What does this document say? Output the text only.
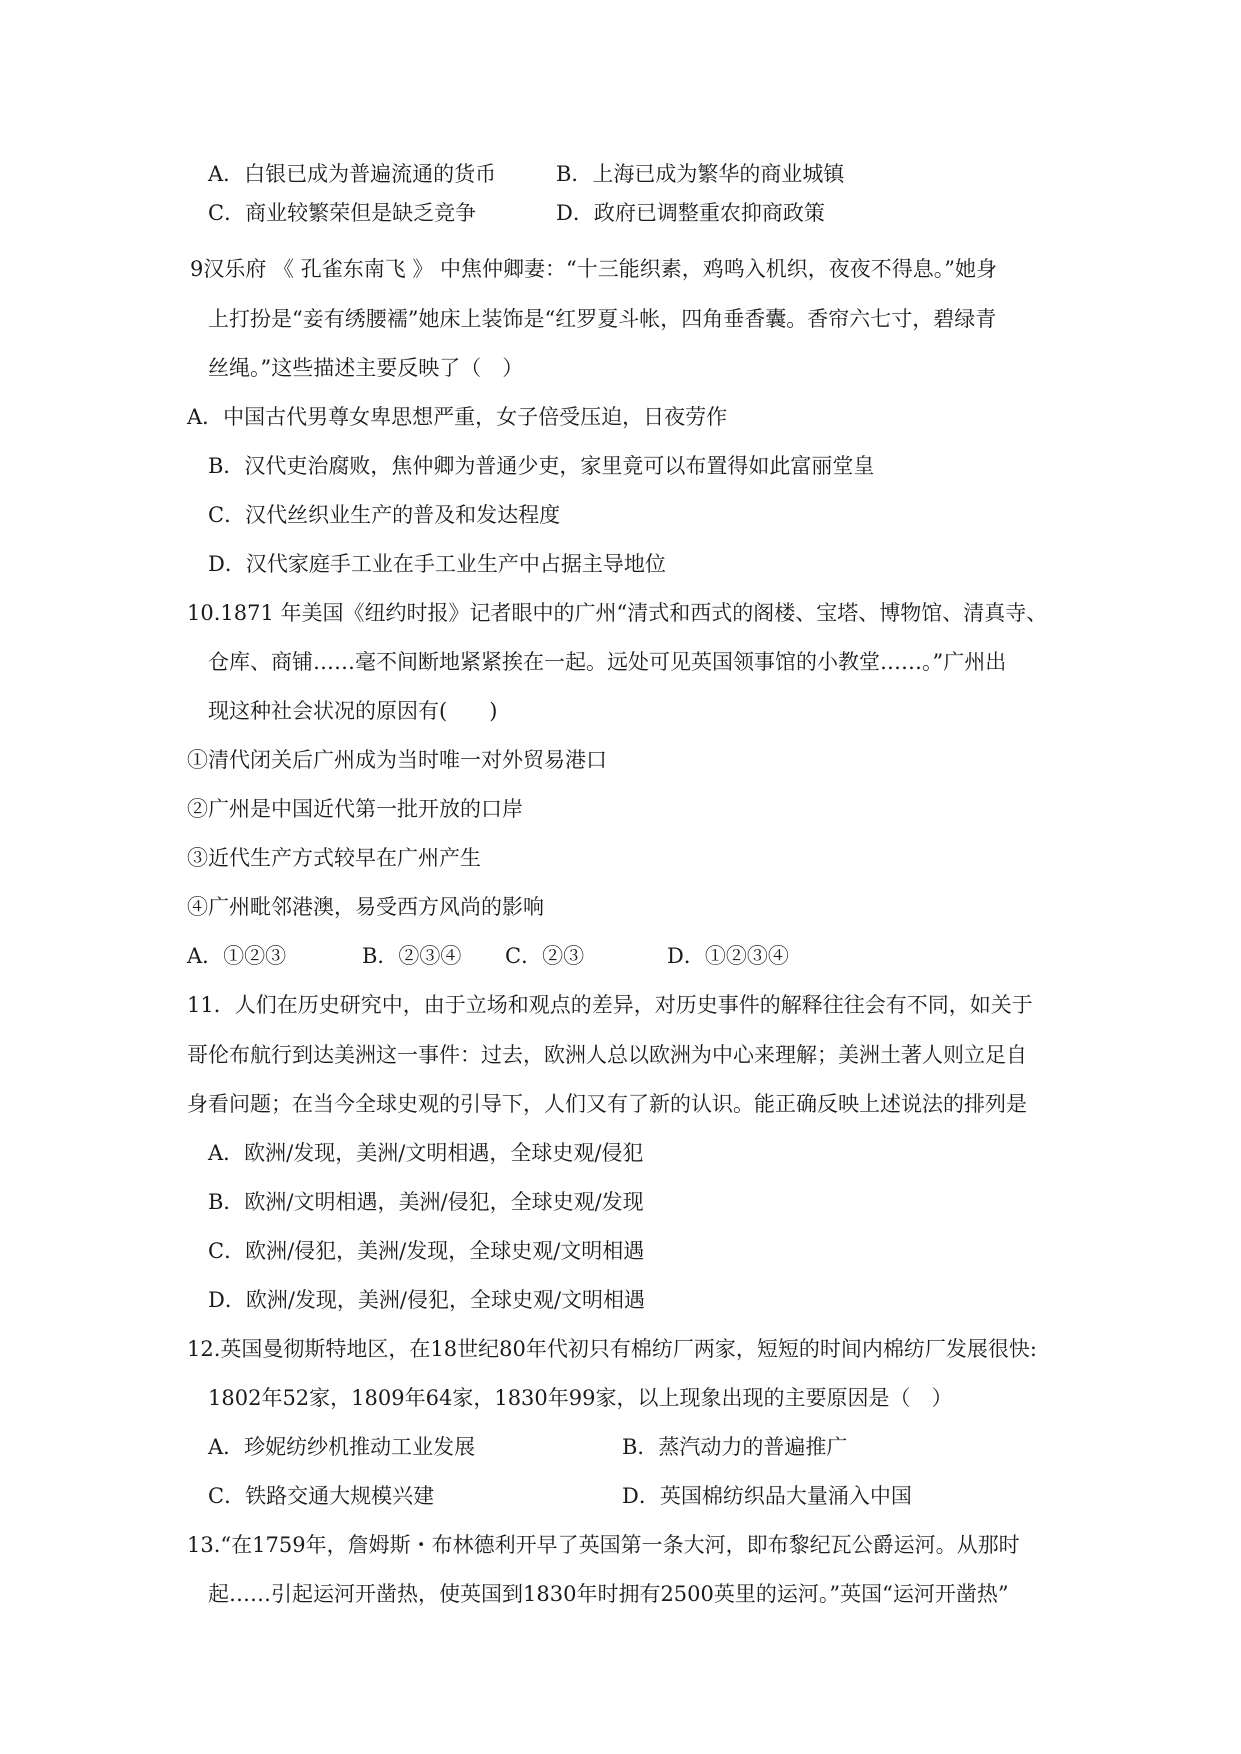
A．白银已成为普遍流通的货币	B．上海已成为繁华的商业城镇
C．商业较繁荣但是缺乏竞争	D．政府已调整重农抑商政策
9汉乐府 《 孔雀东南飞 》 中焦仲卿妻：“十三能织素，鸡鸣入机织，夜夜不得息。”她身
上打扮是“妾有绣腰襦”她床上装饰是“红罗夏斗帐，四角垂香囊。香帘六七寸，碧绿青
丝绳。”这些描述主要反映了（　）
A．中国古代男尊女卑思想严重，女子倍受压迫，日夜劳作
B．汉代吏治腐败，焦仲卿为普通少吏，家里竟可以布置得如此富丽堂皇
C．汉代丝织业生产的普及和发达程度
D．汉代家庭手工业在手工业生产中占据主导地位
10.1871 年美国《纽约时报》记者眼中的广州“清式和西式的阁楼、宝塔、博物馆、清真寺、
仓库、商铺……毫不间断地紧紧挨在一起。远处可见英国领事馆的小教堂……。”广州出
现这种社会状况的原因有(　　)
①清代闭关后广州成为当时唯一对外贸易港口
②广州是中国近代第一批开放的口岸
③近代生产方式较早在广州产生
④广州毗邻港澳，易受西方风尚的影响
A．①②③	B．②③④ C．②③	D．①②③④
11．人们在历史研究中，由于立场和观点的差异，对历史事件的解释往往会有不同，如关于
哥伦布航行到达美洲这一事件：过去，欧洲人总以欧洲为中心来理解；美洲土著人则立足自
身看问题；在当今全球史观的引导下，人们又有了新的认识。能正确反映上述说法的排列是
A．欧洲/发现，美洲/文明相遇，全球史观/侵犯
B．欧洲/文明相遇，美洲/侵犯，全球史观/发现
C．欧洲/侵犯，美洲/发现，全球史观/文明相遇
D．欧洲/发现，美洲/侵犯，全球史观/文明相遇
12.英国曼彻斯特地区，在18世纪80年代初只有棉纺厂两家，短短的时间内棉纺厂发展很快:
1802年52家，1809年64家，1830年99家，以上现象出现的主要原因是（　）
A．珍妮纺纱机推动工业发展	B．蒸汽动力的普遍推广
C．铁路交通大规模兴建	D．英国棉纺织品大量涌入中国
13.“在1759年，詹姆斯・布林德利开早了英国第一条大河，即布黎纪瓦公爵运河。从那时
起……引起运河开凿热，使英国到1830年时拥有2500英里的运河。”英国“运河开凿热”
